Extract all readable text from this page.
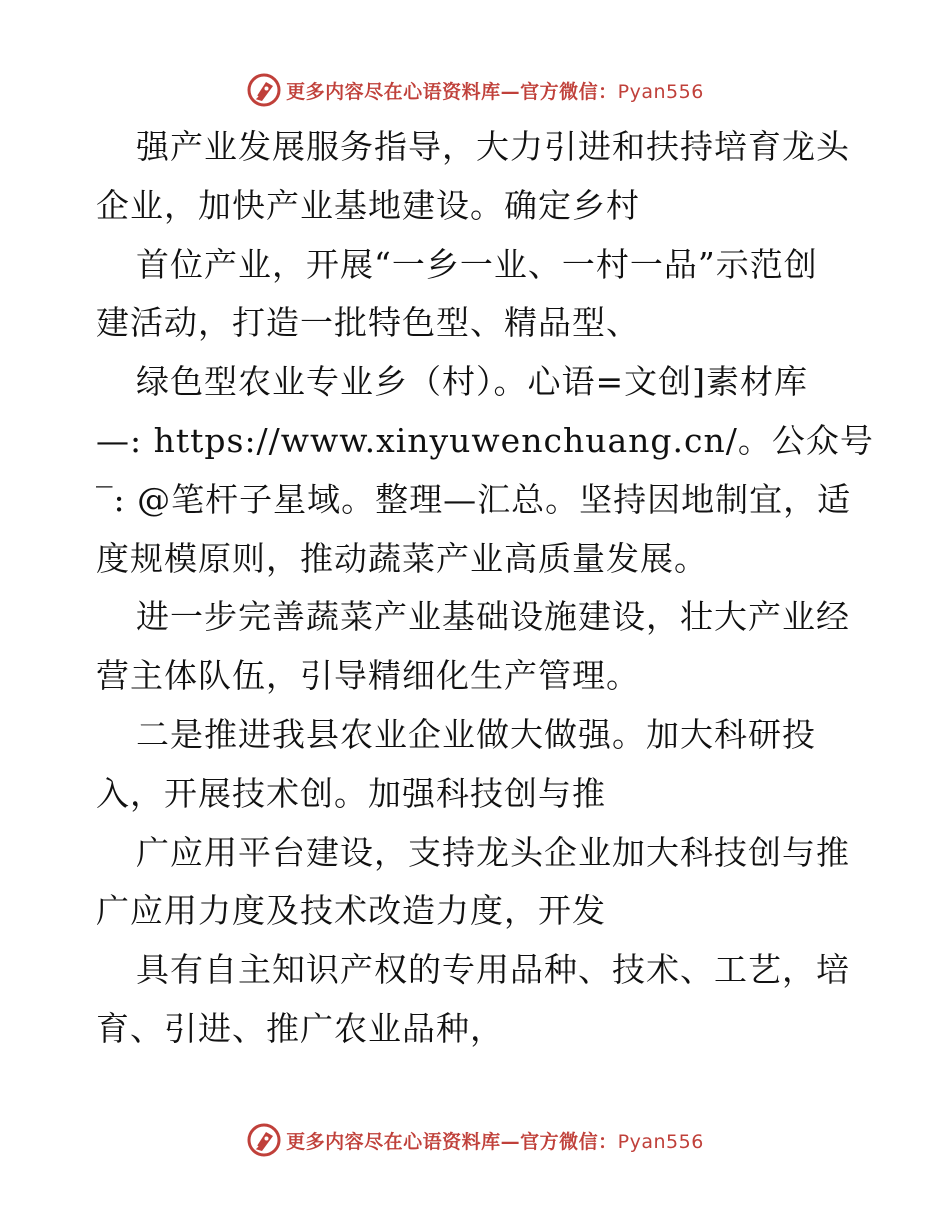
更多内容尽在心语资料库—官方微信：Pyan556
强产业发展服务指导，大力引进和扶持培育龙头
企业，加快产业基地建设。确定乡村
首位产业，开展“一乡一业、一村一品”示范创
建活动，打造一批特色型、精品型、
绿色型农业专业乡（村）。心语=文创]素材库
—: https://www.xinyuwenchuang.cn/。公众号
‾: @笔杆子星域。整理—汇总。坚持因地制宜，适
度规模原则，推动蔬菜产业高质量发展。
进一步完善蔬菜产业基础设施建设，壮大产业经
营主体队伍，引导精细化生产管理。
二是推进我县农业企业做大做强。加大科研投
入，开展技术创。加强科技创与推
广应用平台建设，支持龙头企业加大科技创与推
广应用力度及技术改造力度，开发
具有自主知识产权的专用品种、技术、工艺，培
育、引进、推广农业品种，
更多内容尽在心语资料库—官方微信：Pyan556
